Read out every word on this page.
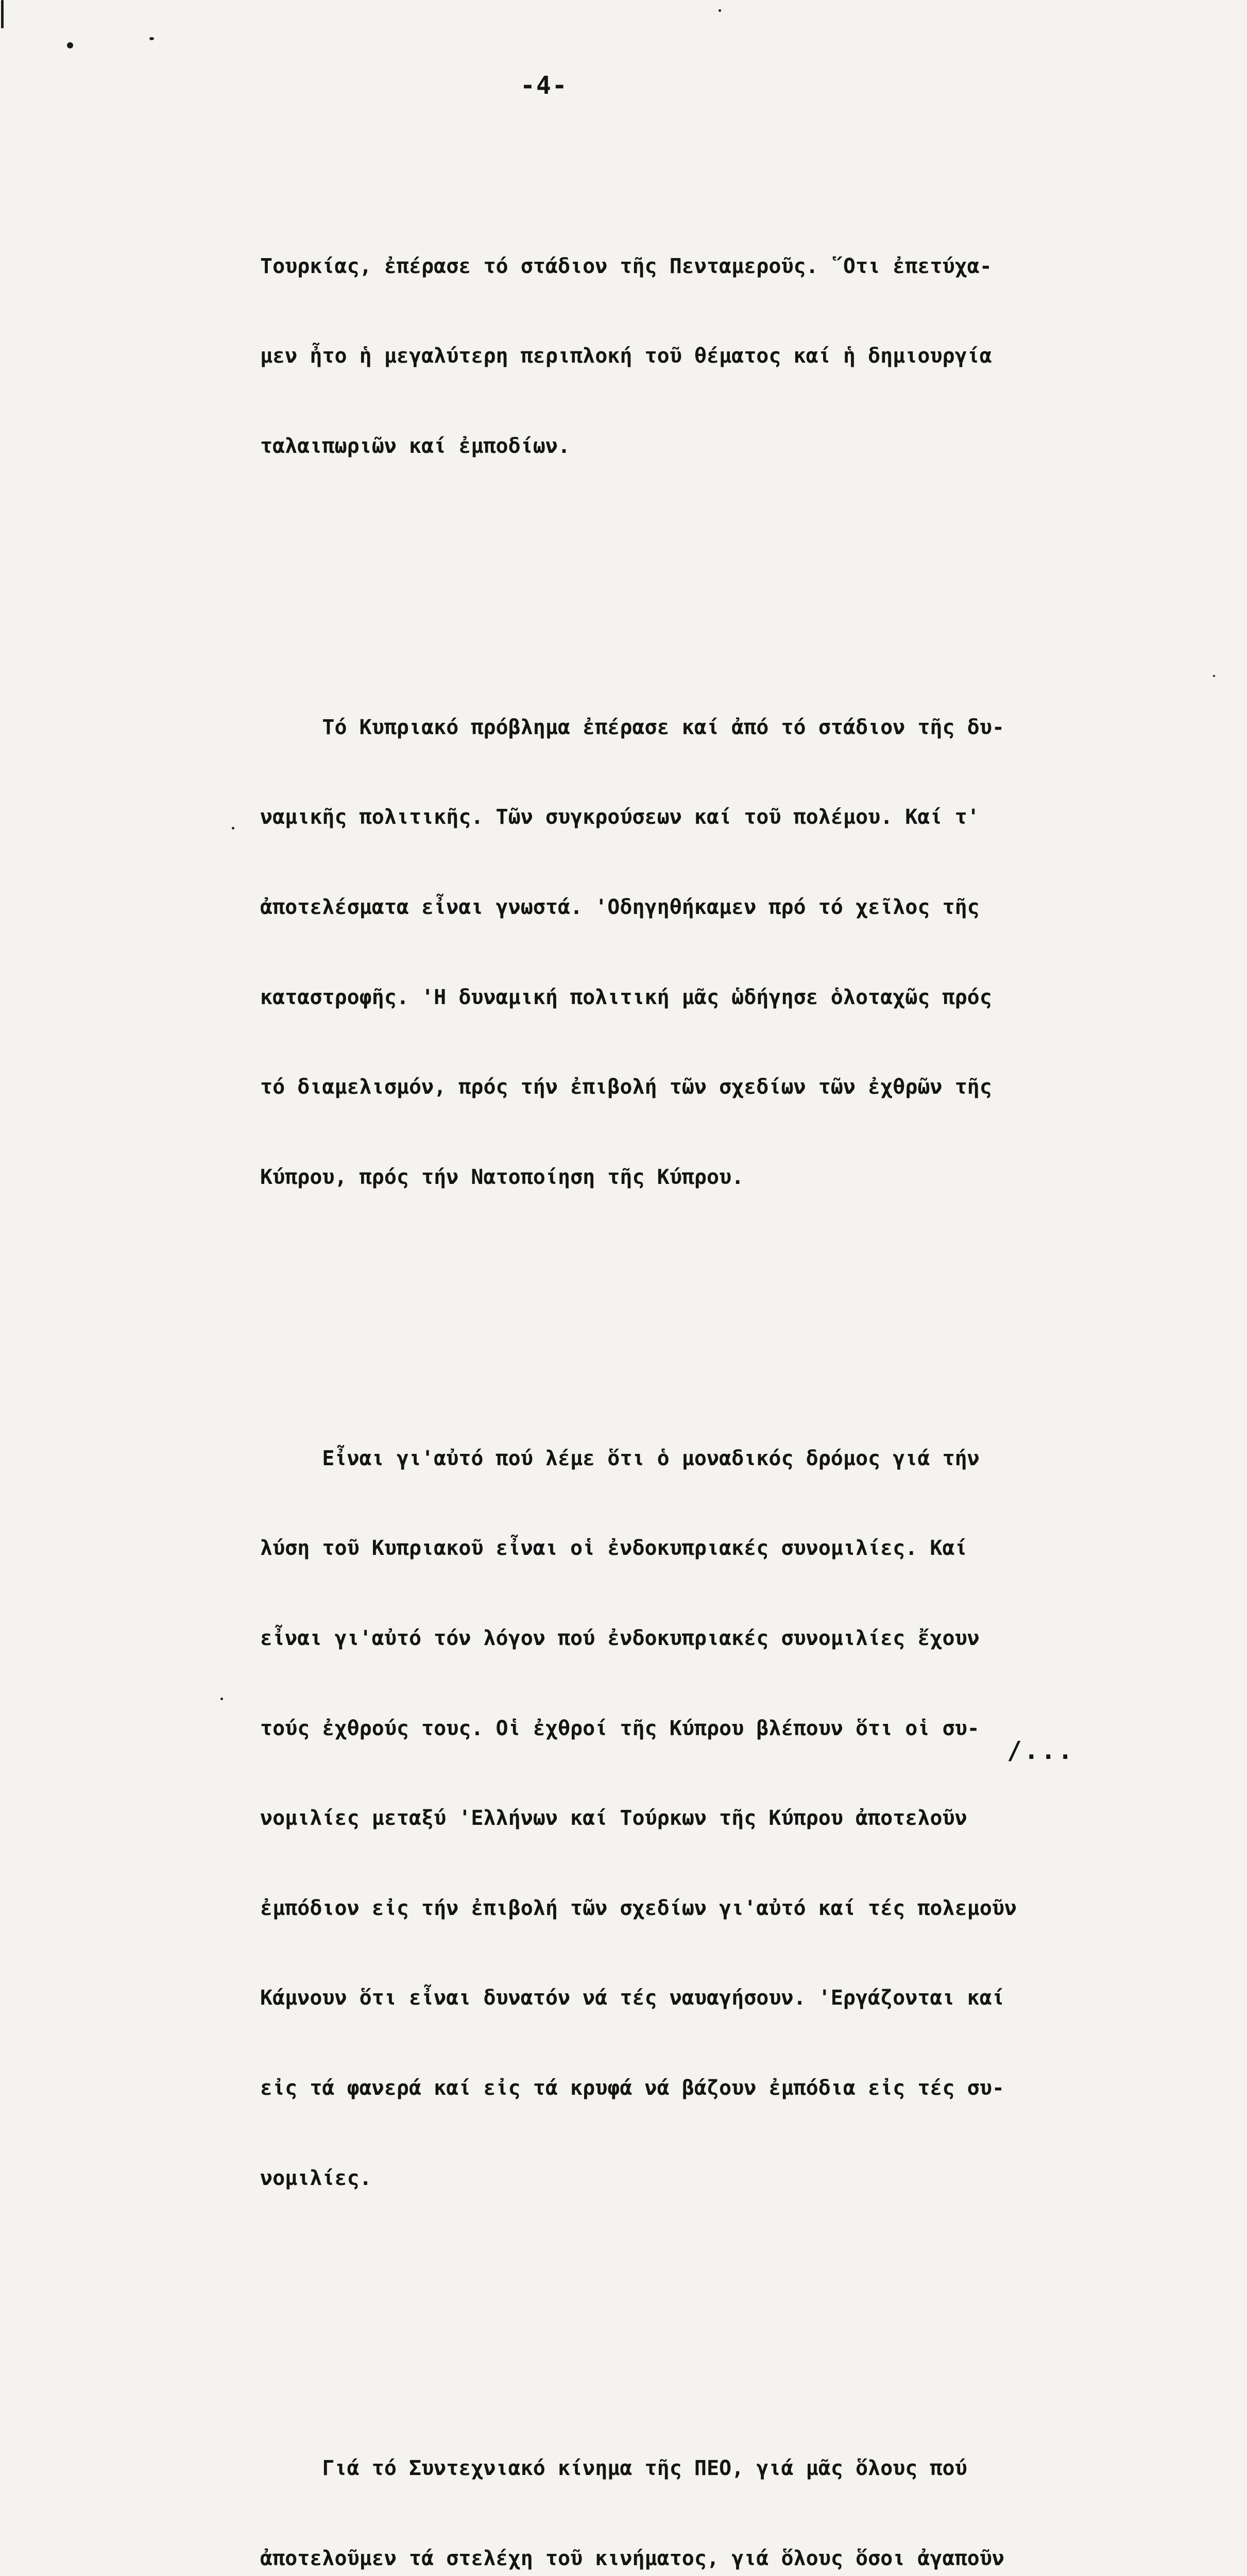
-4-

Τουρκίας, ἐπέρασε τό στάδιον τῆς Πενταμεροῦς. ῞Οτι ἐπετύχα-

μεν ἦτο ἡ μεγαλύτερη περιπλοκή τοῦ θέματος καί ἡ δημιουργία

ταλαιπωριῶν καί ἐμποδίων.

Τό Κυπριακό πρόβλημα ἐπέρασε καί ἀπό τό στάδιον τῆς δυ-

ναμικῆς πολιτικῆς. Τῶν συγκρούσεων καί τοῦ πολέμου. Καί τ'

ἀποτελέσματα εἶναι γνωστά. 'Οδηγηθήκαμεν πρό τό χεῖλος τῆς

καταστροφῆς. 'Η δυναμική πολιτική μᾶς ὡδήγησε ὁλοταχῶς πρός

τό διαμελισμόν, πρός τήν ἐπιβολή τῶν σχεδίων τῶν ἐχθρῶν τῆς

Κύπρου, πρός τήν Νατοποίηση τῆς Κύπρου.

Εἶναι γι'αὐτό πού λέμε ὅτι ὁ μοναδικός δρόμος γιά τήν

λύση τοῦ Κυπριακοῦ εἶναι οἱ ἐνδοκυπριακές συνομιλίες. Καί

εἶναι γι'αὐτό τόν λόγον πού ἐνδοκυπριακές συνομιλίες ἔχουν

τούς ἐχθρούς τους. Οἱ ἐχθροί τῆς Κύπρου βλέπουν ὅτι οἱ συ-

νομιλίες μεταξύ 'Ελλήνων καί Τούρκων τῆς Κύπρου ἀποτελοῦν

ἐμπόδιον εἰς τήν ἐπιβολή τῶν σχεδίων γι'αὐτό καί τές πολεμοῦν

Κάμνουν ὅτι εἶναι δυνατόν νά τές ναυαγήσουν. 'Εργάζονται καί

εἰς τά φανερά καί εἰς τά κρυφά νά βάζουν ἐμπόδια εἰς τές συ-

νομιλίες.

Γιά τό Συντεχνιακό κίνημα τῆς ΠΕΟ, γιά μᾶς ὅλους πού

ἀποτελοῦμεν τά στελέχη τοῦ κινήματος, γιά ὅλους ὅσοι ἀγαποῦν

/...
